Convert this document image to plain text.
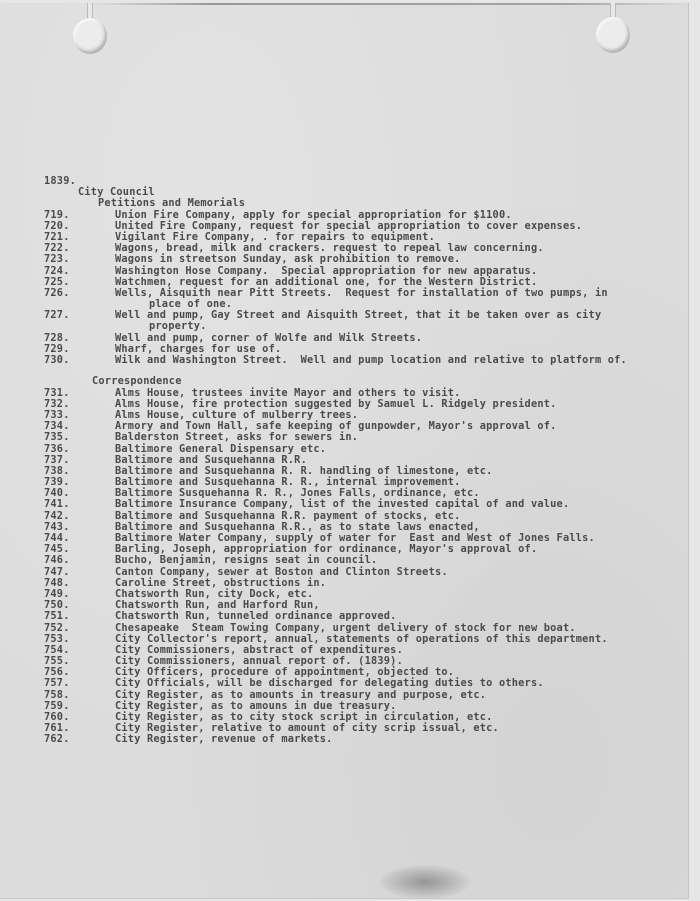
1839.
City Council
Petitions and Memorials
719.	Union Fire Company, apply for special appropriation for $1100.
720.	United Fire Company, request for special appropriation to cover expenses.
721.	Vigilant Fire Company, . for repairs to equipment.
722.	Wagons, bread, milk and crackers. request to repeal law concerning.
723.	Wagons in streetson Sunday, ask prohibition to remove.
724.	Washington Hose Company.  Special appropriation for new apparatus.
725.	Watchmen, request for an additional one, for the Western District.
726.	Wells, Aisquith near Pitt Streets.  Request for installation of two pumps, in
place of one.
727.	Well and pump, Gay Street and Aisquith Street, that it be taken over as city
property.
728.	Well and pump, corner of Wolfe and Wilk Streets.
729.	Wharf, charges for use of.
730.	Wilk and Washington Street.  Well and pump location and relative to platform of.
Correspondence
731.	Alms House, trustees invite Mayor and others to visit.
732.	Alms House, fire protection suggested by Samuel L. Ridgely president.
733.	Alms House, culture of mulberry trees.
734.	Armory and Town Hall, safe keeping of gunpowder, Mayor's approval of.
735.	Balderston Street, asks for sewers in.
736.	Baltimore General Dispensary etc.
737.	Baltimore and Susquehanna R.R.
738.	Baltimore and Susquehanna R. R. handling of limestone, etc.
739.	Baltimore and Susquehanna R. R., internal improvement.
740.	Baltimore Susquehanna R. R., Jones Falls, ordinance, etc.
741.	Baltimore Insurance Company, list of the invested capital of and value.
742.	Baltimore and Susquehanna R.R. payment of stocks, etc.
743.	Baltimore and Susquehanna R.R., as to state laws enacted,
744.	Baltimore Water Company, supply of water for  East and West of Jones Falls.
745.	Barling, Joseph, appropriation for ordinance, Mayor's approval of.
746.	Bucho, Benjamin, resigns seat in council.
747.	Canton Company, sewer at Boston and Clinton Streets.
748.	Caroline Street, obstructions in.
749.	Chatsworth Run, city Dock, etc.
750.	Chatsworth Run, and Harford Run,
751.	Chatsworth Run, tunneled ordinance approved.
752.	Chesapeake  Steam Towing Company, urgent delivery of stock for new boat.
753.	City Collector's report, annual, statements of operations of this department.
754.	City Commissioners, abstract of expenditures.
755.	City Commissioners, annual report of. (1839).
756.	City Officers, procedure of appointment, objected to.
757.	City Officials, will be discharged for delegating duties to others.
758.	City Register, as to amounts in treasury and purpose, etc.
759.	City Register, as to amouns in due treasury.
760.	City Register, as to city stock script in circulation, etc.
761.	City Register, relative to amount of city scrip issual, etc.
762.	City Register, revenue of markets.
